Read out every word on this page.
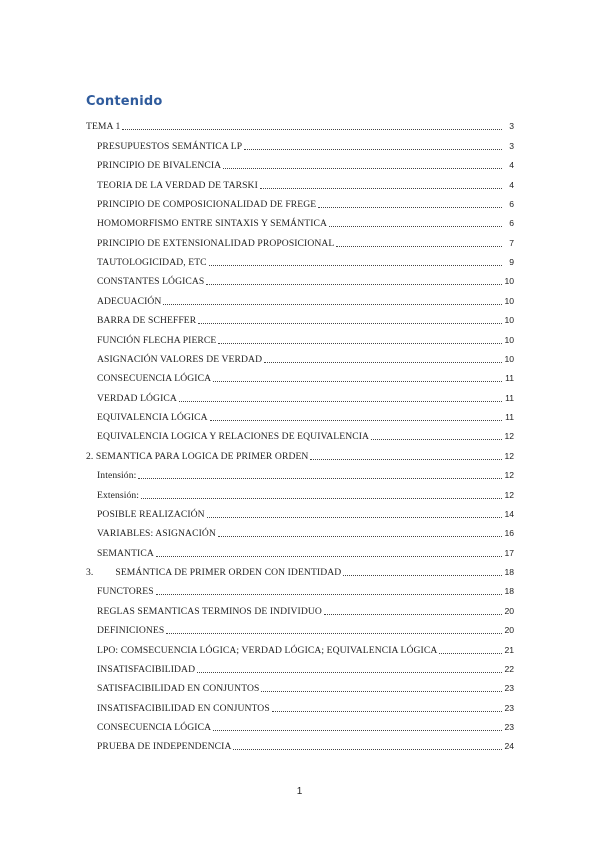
Contenido
TEMA 1	3
PRESUPUESTOS SEMÁNTICA LP	3
PRINCIPIO DE BIVALENCIA	4
TEORIA DE LA VERDAD DE TARSKI	4
PRINCIPIO DE COMPOSICIONALIDAD DE FREGE	6
HOMOMORFISMO ENTRE SINTAXIS Y SEMÁNTICA	6
PRINCIPIO DE EXTENSIONALIDAD PROPOSICIONAL	7
TAUTOLOGICIDAD, ETC	9
CONSTANTES LÓGICAS	10
ADECUACIÓN	10
BARRA DE SCHEFFER	10
FUNCIÓN FLECHA PIERCE	10
ASIGNACIÓN VALORES DE VERDAD	10
CONSECUENCIA LÓGICA	11
VERDAD LÓGICA	11
EQUIVALENCIA LÓGICA	11
EQUIVALENCIA LOGICA Y RELACIONES DE EQUIVALENCIA	12
2. SEMANTICA PARA LOGICA DE PRIMER ORDEN	12
Intensión:	12
Extensión:	12
POSIBLE REALIZACIÓN	14
VARIABLES: ASIGNACIÓN	16
SEMANTICA	17
3. SEMÁNTICA DE PRIMER ORDEN CON IDENTIDAD	18
FUNCTORES	18
REGLAS SEMANTICAS TERMINOS DE INDIVIDUO	20
DEFINICIONES	20
LPO: COMSECUENCIA LÓGICA; VERDAD LÓGICA; EQUIVALENCIA LÓGICA	21
INSATISFACIBILIDAD	22
SATISFACIBILIDAD EN CONJUNTOS	23
INSATISFACIBILIDAD EN CONJUNTOS	23
CONSECUENCIA LÓGICA	23
PRUEBA DE INDEPENDENCIA	24
1
